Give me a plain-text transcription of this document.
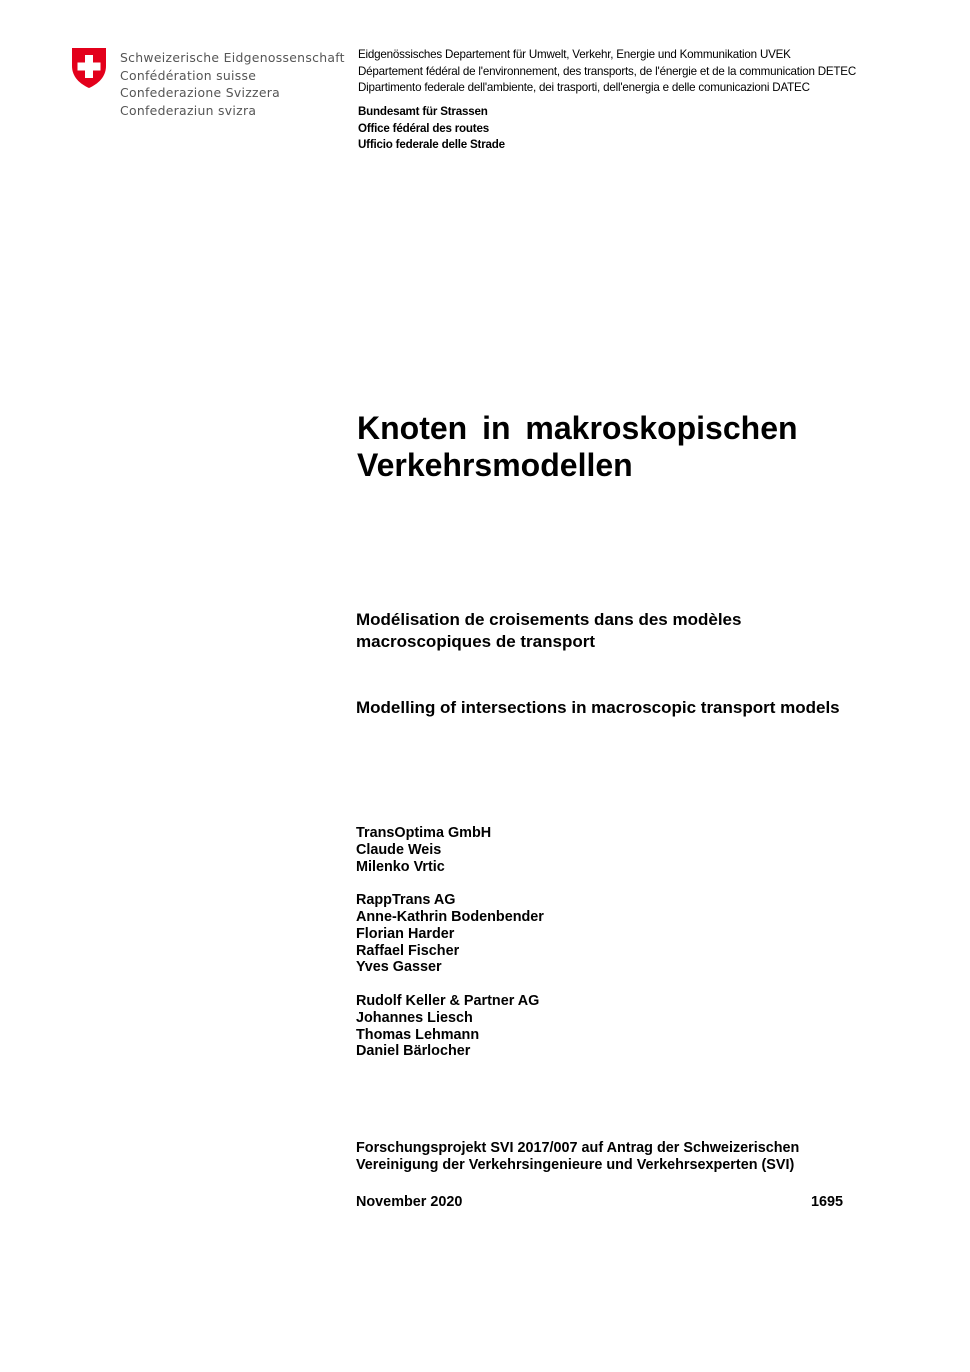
Schweizerische Eidgenossenschaft
Confédération suisse
Confederazione Svizzera
Confederaziun svizra
Eidgenössisches Departement für Umwelt, Verkehr, Energie und Kommunikation UVEK
Département fédéral de l'environnement, des transports, de l'énergie et de la communication DETEC
Dipartimento federale dell'ambiente, dei trasporti, dell'energia e delle comunicazioni DATEC
Bundesamt für Strassen
Office fédéral des routes
Ufficio federale delle Strade
Knoten in makroskopischen
Verkehrsmodellen
Modélisation de croisements dans des modèles
macroscopiques de transport
Modelling of intersections in macroscopic transport models
TransOptima GmbH
Claude Weis
Milenko Vrtic
RappTrans AG
Anne-Kathrin Bodenbender
Florian Harder
Raffael Fischer
Yves Gasser
Rudolf Keller & Partner AG
Johannes Liesch
Thomas Lehmann
Daniel Bärlocher
Forschungsprojekt SVI 2017/007 auf Antrag der Schweizerischen
Vereinigung der Verkehrsingenieure und Verkehrsexperten (SVI)
November 2020	1695
